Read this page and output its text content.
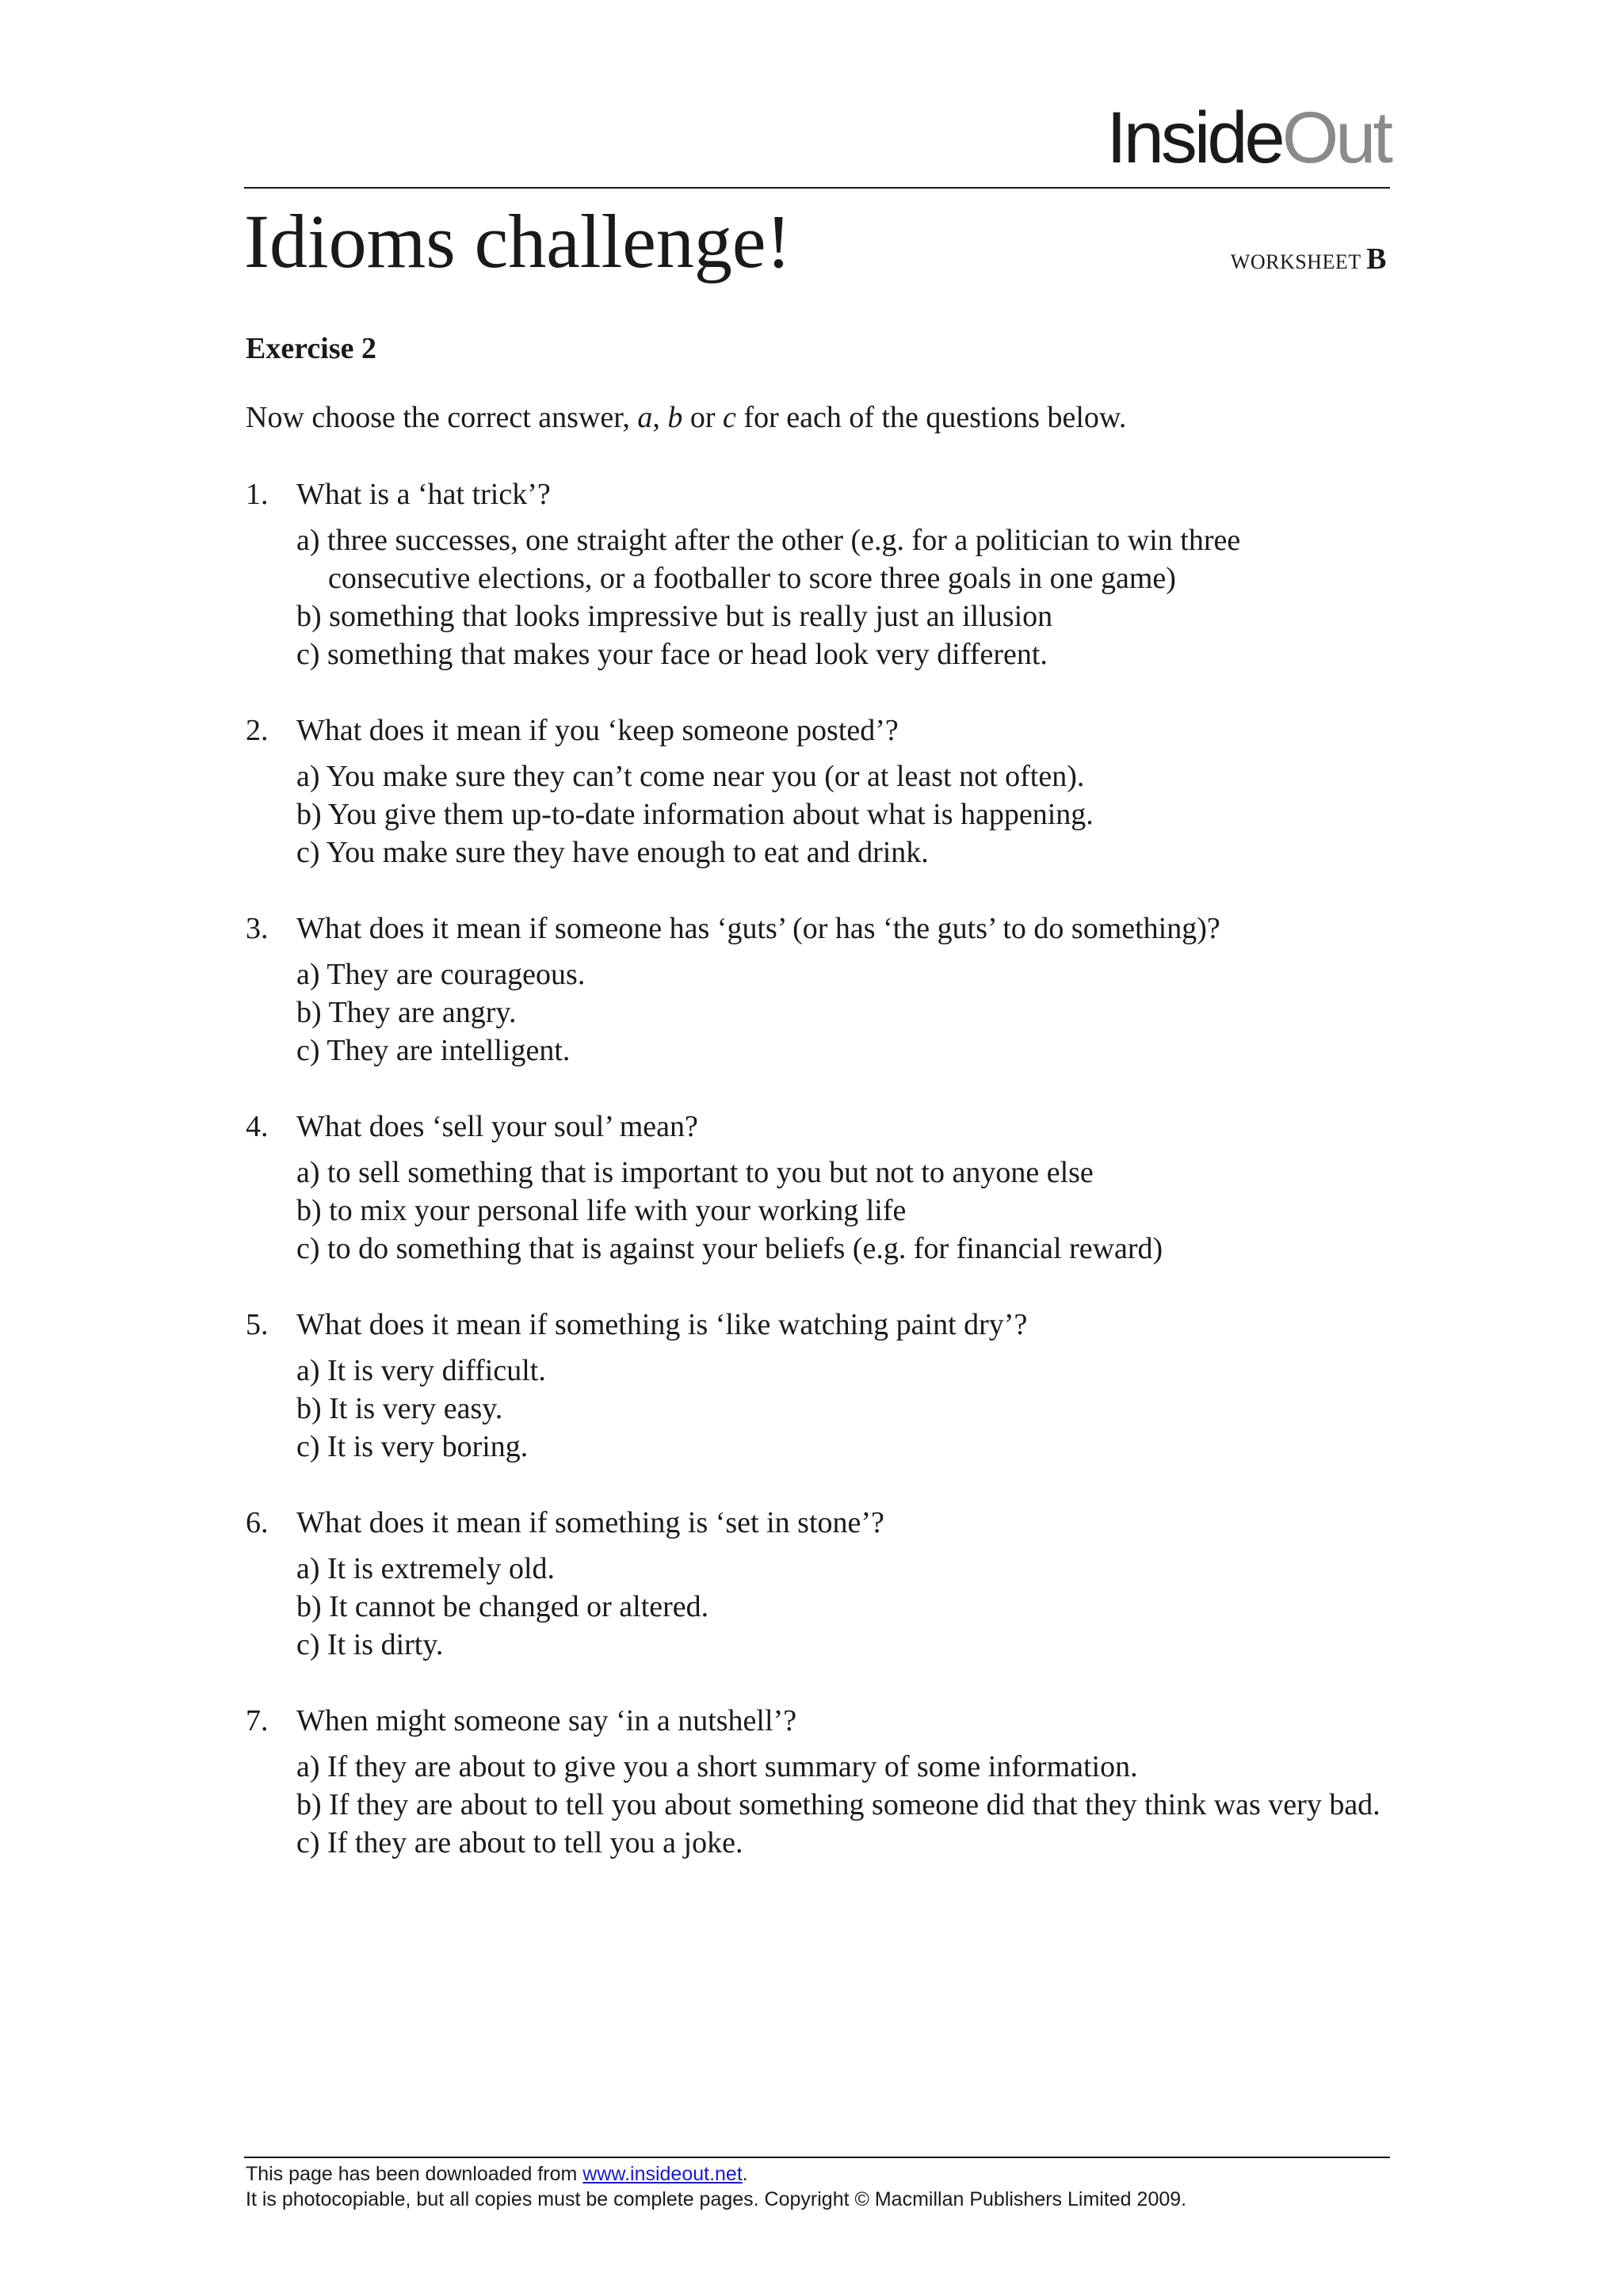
InsideOut
Idioms challenge!	WORKSHEET B
Exercise 2
Now choose the correct answer, a, b or c for each of the questions below.
1. What is a ‘hat trick’?
a) three successes, one straight after the other (e.g. for a politician to win three consecutive elections, or a footballer to score three goals in one game)
b) something that looks impressive but is really just an illusion
c) something that makes your face or head look very different.
2. What does it mean if you ‘keep someone posted’?
a) You make sure they can’t come near you (or at least not often).
b) You give them up-to-date information about what is happening.
c) You make sure they have enough to eat and drink.
3. What does it mean if someone has ‘guts’ (or has ‘the guts’ to do something)?
a) They are courageous.
b) They are angry.
c) They are intelligent.
4. What does ‘sell your soul’ mean?
a) to sell something that is important to you but not to anyone else
b) to mix your personal life with your working life
c) to do something that is against your beliefs (e.g. for financial reward)
5. What does it mean if something is ‘like watching paint dry’?
a) It is very difficult.
b) It is very easy.
c) It is very boring.
6. What does it mean if something is ‘set in stone’?
a) It is extremely old.
b) It cannot be changed or altered.
c) It is dirty.
7. When might someone say ‘in a nutshell’?
a) If they are about to give you a short summary of some information.
b) If they are about to tell you about something someone did that they think was very bad.
c) If they are about to tell you a joke.
This page has been downloaded from www.insideout.net.
It is photocopiable, but all copies must be complete pages. Copyright © Macmillan Publishers Limited 2009.
